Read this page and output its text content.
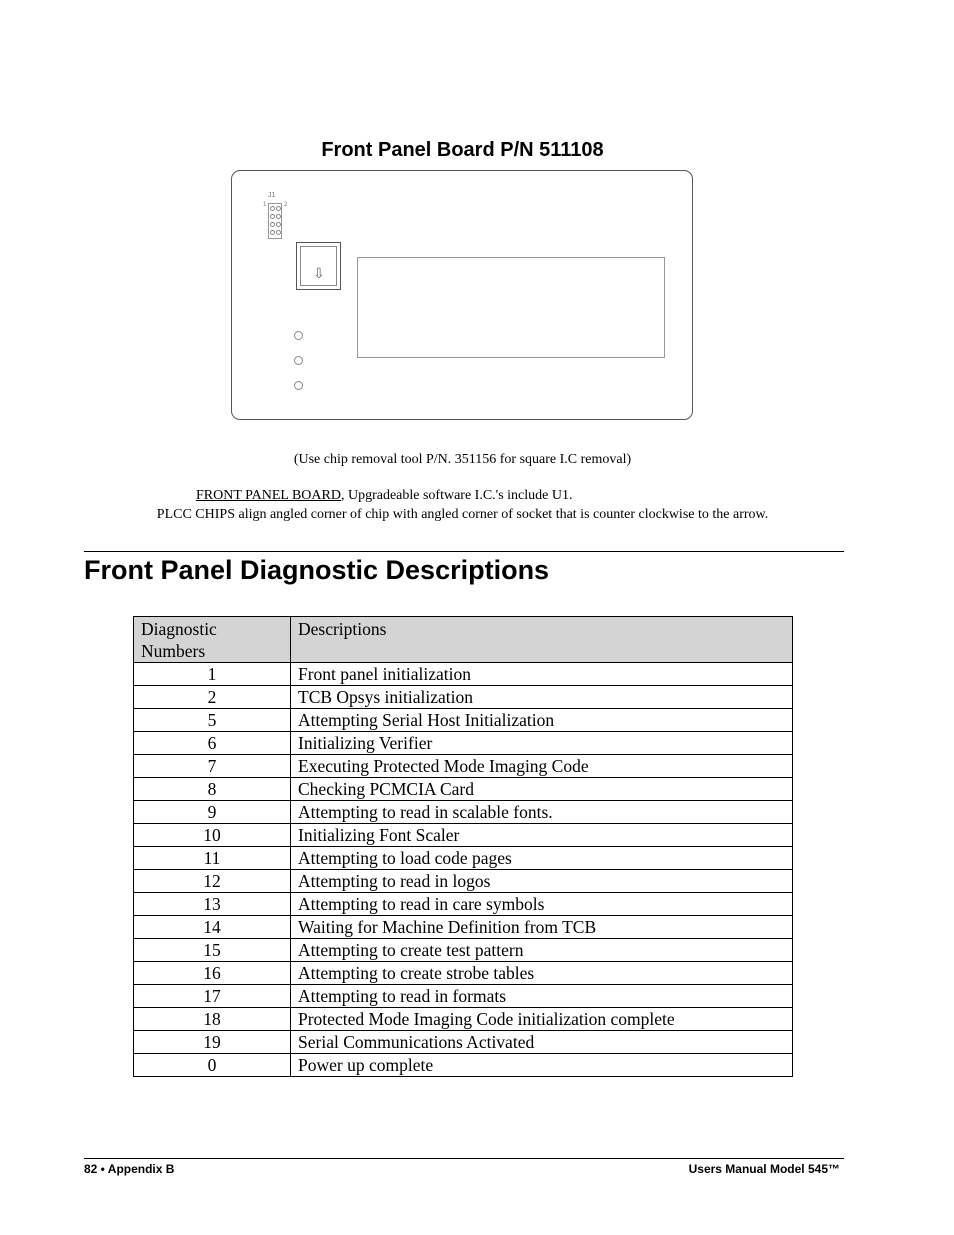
Front Panel Board P/N 511108
J1
1	2
⇩
(Use chip removal tool P/N. 351156 for square I.C removal)
FRONT PANEL BOARD, Upgradeable software I.C.'s include U1.
PLCC CHIPS align angled corner of chip with angled corner of socket that is counter clockwise to the arrow.
Front Panel Diagnostic Descriptions
Diagnostic Numbers	Descriptions
1	Front panel initialization
2	TCB Opsys initialization
5	Attempting Serial Host Initialization
6	Initializing Verifier
7	Executing Protected Mode Imaging Code
8	Checking PCMCIA Card
9	Attempting to read in scalable fonts.
10	Initializing Font Scaler
11	Attempting to load code pages
12	Attempting to read in logos
13	Attempting to read in care symbols
14	Waiting for Machine Definition from TCB
15	Attempting to create test pattern
16	Attempting to create strobe tables
17	Attempting to read in formats
18	Protected Mode Imaging Code initialization complete
19	Serial Communications Activated
0	Power up complete
82 • Appendix B	Users Manual Model 545™
